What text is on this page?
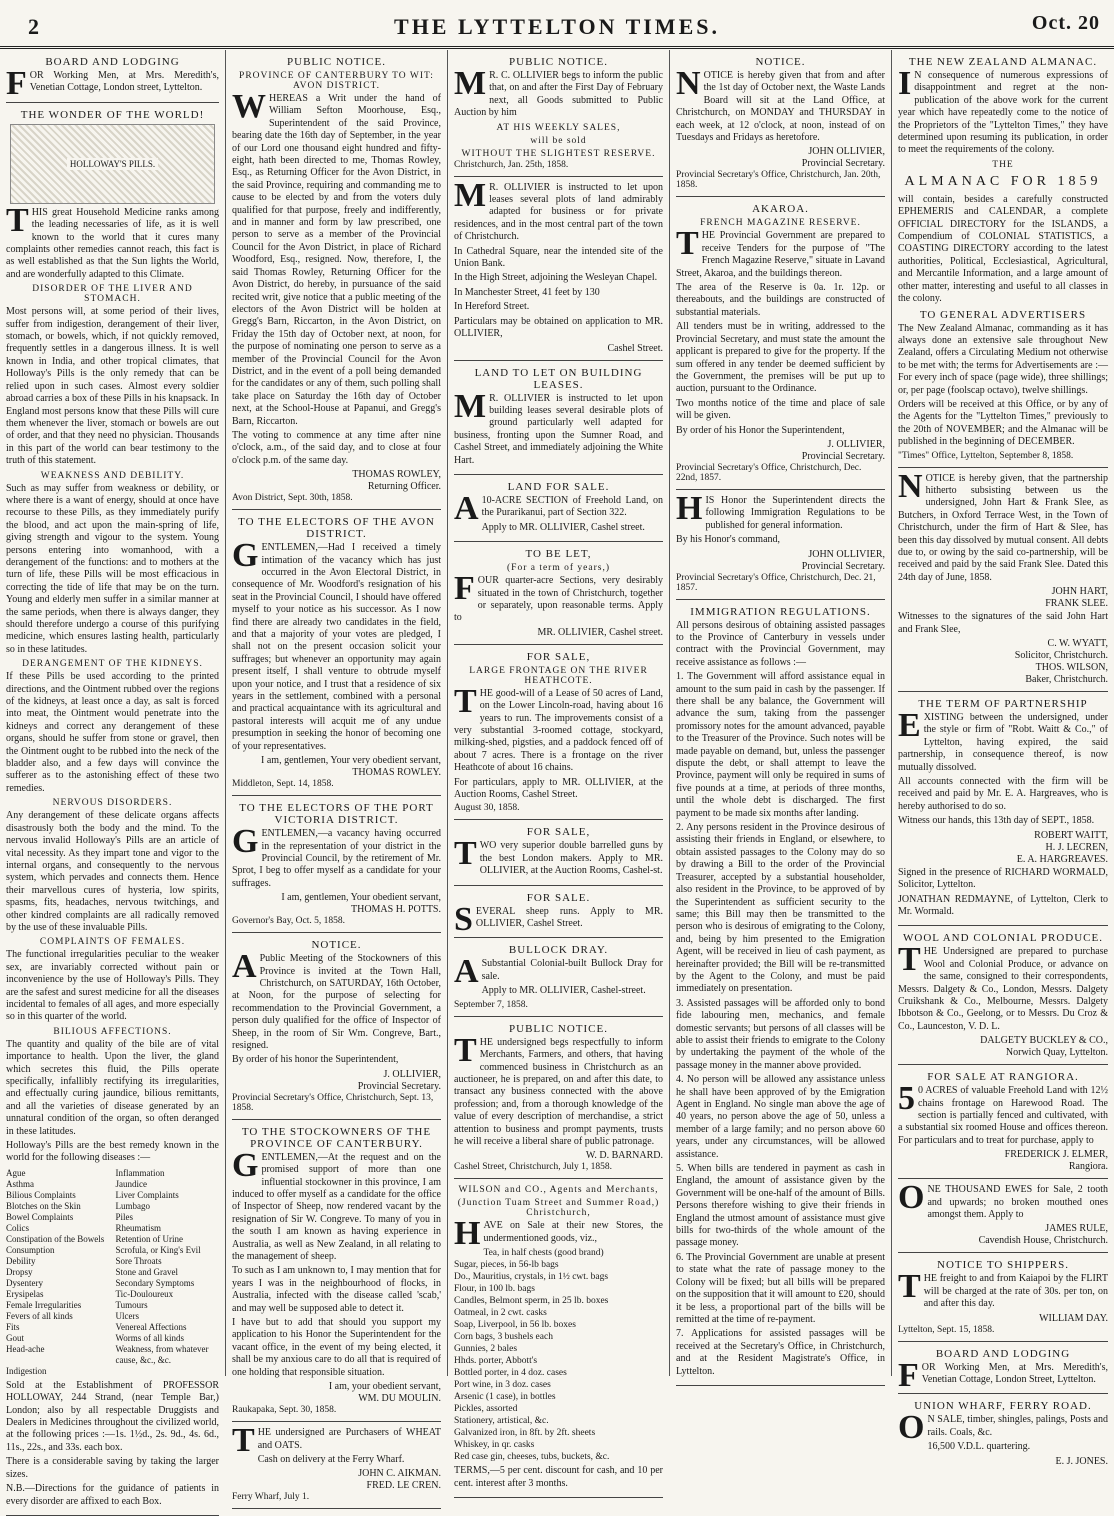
2	THE LYTTELTON TIMES.	Oct. 20
BOARD AND LODGING

FOR Working Men, at Mrs. Meredith's, Venetian Cottage, London street, Lyttelton.

THE WONDER OF THE WORLD!
HOLLOWAY'S PILLS.

THIS great Household Medicine ranks among the leading necessaries of life, as it is well known to the world that it cures many complaints other remedies cannot reach, this fact is as well established as that the Sun lights the World, and are wonderfully adapted to this Climate.

DISORDER OF THE LIVER AND STOMACH.

Most persons will, at some period of their lives, suffer from indigestion, derangement of their liver, stomach, or bowels, which, if not quickly removed, frequently settles in a dangerous illness. It is well known in India, and other tropical climates, that Holloway's Pills is the only remedy that can be relied upon in such cases. Almost every soldier abroad carries a box of these Pills in his knapsack. In England most persons know that these Pills will cure them whenever the liver, stomach or bowels are out of order, and that they need no physician. Thousands in this part of the world can bear testimony to the truth of this statement.

WEAKNESS AND DEBILITY.

Such as may suffer from weakness or debility, or where there is a want of energy, should at once have recourse to these Pills, as they immediately purify the blood, and act upon the main-spring of life, giving strength and vigour to the system. Young persons entering into womanhood, with a derangement of the functions: and to mothers at the turn of life, these Pills will be most efficacious in correcting the tide of life that may be on the turn. Young and elderly men suffer in a similar manner at the same periods, when there is always danger, they should therefore undergo a course of this purifying medicine, which ensures lasting health, particularly so in these latitudes.

DERANGEMENT OF THE KIDNEYS.

If these Pills be used according to the printed directions, and the Ointment rubbed over the regions of the kidneys, at least once a day, as salt is forced into meat, the Ointment would penetrate into the kidneys and correct any derangement of these organs, should he suffer from stone or gravel, then the Ointment ought to be rubbed into the neck of the bladder also, and a few days will convince the sufferer as to the astonishing effect of these two remedies.

NERVOUS DISORDERS.

Any derangement of these delicate organs affects disastrously both the body and the mind. To the nervous invalid Holloway's Pills are an article of vital necessity. As they impart tone and vigor to the internal organs, and consequently to the nervous system, which pervades and connects them. Hence their marvellous cures of hysteria, low spirits, spasms, fits, headaches, nervous twitchings, and other kindred complaints are all radically removed by the use of these invaluable Pills.

COMPLAINTS OF FEMALES.

The functional irregularities peculiar to the weaker sex, are invariably corrected without pain or inconvenience by the use of Holloway's Pills. They are the safest and surest medicine for all the diseases incidental to females of all ages, and more especially so in this quarter of the world.

BILIOUS AFFECTIONS.

The quantity and quality of the bile are of vital importance to health. Upon the liver, the gland which secretes this fluid, the Pills operate specifically, infallibly rectifying its irregularities, and effectually curing jaundice, bilious remittants, and all the varieties of disease generated by an unnatural condition of the organ, so often deranged in these latitudes.

Holloway's Pills are the best remedy known in the world for the following diseases :—

Ague	Inflammation
Asthma	Jaundice
Bilious Complaints	Liver Complaints
Blotches on the Skin	Lumbago
Bowel Complaints	Piles
Colics	Rheumatism
Constipation of the Bowels	Retention of Urine
Consumption	Scrofula, or King's Evil
Debility	Sore Throats
Dropsy	Stone and Gravel
Dysentery	Secondary Symptoms
Erysipelas	Tic-Douloureux
Female Irregularities	Tumours
Fevers of all kinds	Ulcers
Fits	Venereal Affections
Gout	Worms of all kinds
Head-ache	Weakness, from whatever cause, &c., &c.
Indigestion

Sold at the Establishment of PROFESSOR HOLLOWAY, 244 Strand, (near Temple Bar,) London; also by all respectable Druggists and Dealers in Medicines throughout the civilized world, at the following prices :—1s. 1½d., 2s. 9d., 4s. 6d., 11s., 22s., and 33s. each box.

There is a considerable saving by taking the larger sizes.

N.B.—Directions for the guidance of patients in every disorder are affixed to each Box.

PUBLIC NOTICE.
PROVINCE OF CANTERBURY TO WIT: AVON DISTRICT.

WHEREAS a Writ under the hand of William Sefton Moorhouse, Esq., Superintendent of the said Province, bearing date the 16th day of September, in the year of our Lord one thousand eight hundred and fifty-eight, hath been directed to me, Thomas Rowley, Esq., as Returning Officer for the Avon District, in the said Province, requiring and commanding me to cause to be elected by and from the voters duly qualified for that purpose, freely and indifferently, and in manner and form by law prescribed, one person to serve as a member of the Provincial Council for the Avon District, in place of Richard Woodford, Esq., resigned. Now, therefore, I, the said Thomas Rowley, Returning Officer for the Avon District, do hereby, in pursuance of the said recited writ, give notice that a public meeting of the electors of the Avon District will be holden at Gregg's Barn, Riccarton, in the Avon District, on Friday the 15th day of October next, at noon, for the purpose of nominating one person to serve as a member of the Provincial Council for the Avon District, and in the event of a poll being demanded for the candidates or any of them, such polling shall take place on Saturday the 16th day of October next, at the School-House at Papanui, and Gregg's Barn, Riccarton.

The voting to commence at any time after nine o'clock, a.m., of the said day, and to close at four o'clock p.m. of the same day.

THOMAS ROWLEY,
Returning Officer.
Avon District, Sept. 30th, 1858.
TO THE ELECTORS OF THE AVON DISTRICT.

GENTLEMEN,—Had I received a timely intimation of the vacancy which has just occurred in the Avon Electoral District, in consequence of Mr. Woodford's resignation of his seat in the Provincial Council, I should have offered myself to your notice as his successor. As I now find there are already two candidates in the field, and that a majority of your votes are pledged, I shall not on the present occasion solicit your suffrages; but whenever an opportunity may again present itself, I shall venture to obtrude myself upon your notice, and I trust that a residence of six years in the settlement, combined with a personal and practical acquaintance with its agricultural and pastoral interests will acquit me of any undue presumption in seeking the honor of becoming one of your representatives.

I am, gentlemen, Your very obedient servant,
THOMAS ROWLEY.
Middleton, Sept. 14, 1858.
TO THE ELECTORS OF THE PORT VICTORIA DISTRICT.

GENTLEMEN,—a vacancy having occurred in the representation of your district in the Provincial Council, by the retirement of Mr. Sprot, I beg to offer myself as a candidate for your suffrages.

I am, gentlemen, Your obedient servant,
THOMAS H. POTTS.
Governor's Bay, Oct. 5, 1858.
NOTICE.

APublic Meeting of the Stockowners of this Province is invited at the Town Hall, Christchurch, on SATURDAY, 16th October, at Noon, for the purpose of selecting for recommendation to the Provincial Government, a person duly qualified for the office of Inspector of Sheep, in the room of Sir Wm. Congreve, Bart., resigned.

By order of his honor the Superintendent,

J. OLLIVIER,
Provincial Secretary.
Provincial Secretary's Office, Christchurch, Sept. 13, 1858.
TO THE STOCKOWNERS OF THE PROVINCE OF CANTERBURY.

GENTLEMEN,—At the request and on the promised support of more than one influential stockowner in this province, I am induced to offer myself as a candidate for the office of Inspector of Sheep, now rendered vacant by the resignation of Sir W. Congreve. To many of you in the south I am known as having experience in Australia, as well as New Zealand, in all relating to the management of sheep.

To such as I am unknown to, I may mention that for years I was in the neighbourhood of flocks, in Australia, infected with the disease called 'scab,' and may well be supposed able to detect it.

I have but to add that should you support my application to his Honor the Superintendent for the vacant office, in the event of my being elected, it shall be my anxious care to do all that is required of one holding that responsible situation.

I am, your obedient servant,
WM. DU MOULIN.
Raukapaka, Sept. 30, 1858.

THE undersigned are Purchasers of WHEAT and OATS.

Cash on delivery at the Ferry Wharf.

JOHN C. AIKMAN.
FRED. LE CREN.
Ferry Wharf, July 1.
PUBLIC NOTICE.

MR. C. OLLIVIER begs to inform the public that, on and after the First Day of February next, all Goods submitted to Public Auction by him

AT HIS WEEKLY SALES,
will be sold
WITHOUT THE SLIGHTEST RESERVE.
Christchurch, Jan. 25th, 1858.

MR. OLLIVIER is instructed to let upon leases several plots of land admirably adapted for business or for private residences, and in the most central part of the town of Christchurch.

In Cathedral Square, near the intended site of the Union Bank.

In the High Street, adjoining the Wesleyan Chapel.

In Manchester Street, 41 feet by 130

In Hereford Street.

Particulars may be obtained on application to MR. OLLIVIER,

Cashel Street.
LAND TO LET ON BUILDING LEASES.

MR. OLLIVIER is instructed to let upon building leases several desirable plots of ground particularly well adapted for business, fronting upon the Sumner Road, and Cashel Street, and immediately adjoining the White Hart.

LAND FOR SALE.

A10-ACRE SECTION of Freehold Land, on the Purarikanui, part of Section 322.

Apply to MR. OLLIVIER, Cashel street.

TO BE LET,
(For a term of years,)

FOUR quarter-acre Sections, very desirably situated in the town of Christchurch, together or separately, upon reasonable terms. Apply to

MR. OLLIVIER, Cashel street.
FOR SALE,
LARGE FRONTAGE ON THE RIVER HEATHCOTE.

THE good-will of a Lease of 50 acres of Land, on the Lower Lincoln-road, having about 16 years to run. The improvements consist of a very substantial 3-roomed cottage, stockyard, milking-shed, pigsties, and a paddock fenced off of about 7 acres. There is a frontage on the river Heathcote of about 16 chains.

For particulars, apply to MR. OLLIVIER, at the Auction Rooms, Cashel Street.

August 30, 1858.
FOR SALE,

TWO very superior double barrelled guns by the best London makers. Apply to MR. OLLIVIER, at the Auction Rooms, Cashel-st.

FOR SALE.

SEVERAL sheep runs. Apply to MR. OLLIVIER, Cashel Street.

BULLOCK DRAY.

ASubstantial Colonial-built Bullock Dray for sale.

Apply to MR. OLLIVIER, Cashel-street.

September 7, 1858.
PUBLIC NOTICE.

THE undersigned begs respectfully to inform Merchants, Farmers, and others, that having commenced business in Christchurch as an auctioneer, he is prepared, on and after this date, to transact any business connected with the above profession; and, from a thorough knowledge of the value of every description of merchandise, a strict attention to business and prompt payments, trusts he will receive a liberal share of public patronage.

W. D. BARNARD.
Cashel Street, Christchurch, July 1, 1858.
WILSON and CO., Agents and Merchants,
(Junction Tuam Street and Summer Road,) Christchurch,

HAVE on Sale at their new Stores, the undermentioned goods, viz.,

Tea, in half chests (good brand)

Sugar, pieces, in 56-lb bags

Do., Mauritius, crystals, in 1½ cwt. bags

Flour, in 100 lb. bags

Candles, Belmont sperm, in 25 lb. boxes

Oatmeal, in 2 cwt. casks

Soap, Liverpool, in 56 lb. boxes

Corn bags, 3 bushels each

Gunnies, 2 bales

Hhds. porter, Abbott's

Bottled porter, in 4 doz. cases

Port wine, in 3 doz. cases

Arsenic (1 case), in bottles

Pickles, assorted

Stationery, artistical, &c.

Galvanized iron, in 8ft. by 2ft. sheets

Whiskey, in qr. casks

Red case gin, cheeses, tubs, buckets, &c.

TERMS,—5 per cent. discount for cash, and 10 per cent. interest after 3 months.

NOTICE.

NOTICE is hereby given that from and after the 1st day of October next, the Waste Lands Board will sit at the Land Office, at Christchurch, on MONDAY and THURSDAY in each week, at 12 o'clock, at noon, instead of on Tuesdays and Fridays as heretofore.

JOHN OLLIVIER,
Provincial Secretary.
Provincial Secretary's Office, Christchurch, Jan. 20th, 1858.
AKAROA.
FRENCH MAGAZINE RESERVE.

THE Provincial Government are prepared to receive Tenders for the purpose of "The French Magazine Reserve," situate in Lavand Street, Akaroa, and the buildings thereon.

The area of the Reserve is 0a. 1r. 12p. or thereabouts, and the buildings are constructed of substantial materials.

All tenders must be in writing, addressed to the Provincial Secretary, and must state the amount the applicant is prepared to give for the property. If the sum offered in any tender be deemed sufficient by the Government, the premises will be put up to auction, pursuant to the Ordinance.

Two months notice of the time and place of sale will be given.

By order of his Honor the Superintendent,

J. OLLIVIER,
Provincial Secretary.
Provincial Secretary's Office, Christchurch, Dec. 22nd, 1857.

HIS Honor the Superintendent directs the following Immigration Regulations to be published for general information.

By his Honor's command,

JOHN OLLIVIER,
Provincial Secretary.
Provincial Secretary's Office, Christchurch, Dec. 21, 1857.
IMMIGRATION REGULATIONS.

All persons desirous of obtaining assisted passages to the Province of Canterbury in vessels under contract with the Provincial Government, may receive assistance as follows :—

1. The Government will afford assistance equal in amount to the sum paid in cash by the passenger. If there shall be any balance, the Government will advance the sum, taking from the passenger promissory notes for the amount advanced, payable to the Treasurer of the Province. Such notes will be made payable on demand, but, unless the passenger dispute the debt, or shall attempt to leave the Province, payment will only be required in sums of five pounds at a time, at periods of three months, until the whole debt is discharged. The first payment to be made six months after landing.

2. Any persons resident in the Province desirous of assisting their friends in England, or elsewhere, to obtain assisted passages to the Colony may do so by drawing a Bill to the order of the Provincial Treasurer, accepted by a substantial householder, also resident in the Province, to be approved of by the Superintendent as sufficient security to the same; this Bill may then be transmitted to the person who is desirous of emigrating to the Colony, and, being by him presented to the Emigration Agent, will be received in lieu of cash payment, as hereinafter provided; the Bill will be re-transmitted by the Agent to the Colony, and must be paid immediately on presentation.

3. Assisted passages will be afforded only to bond fide labouring men, mechanics, and female domestic servants; but persons of all classes will be able to assist their friends to emigrate to the Colony by undertaking the payment of the whole of the passage money in the manner above provided.

4. No person will be allowed any assistance unless he shall have been approved of by the Emigration Agent in England. No single man above the age of 40 years, no person above the age of 50, unless a member of a large family; and no person above 60 years, under any circumstances, will be allowed assistance.

5. When bills are tendered in payment as cash in England, the amount of assistance given by the Government will be one-half of the amount of Bills. Persons therefore wishing to give their friends in England the utmost amount of assistance must give bills for two-thirds of the whole amount of the passage money.

6. The Provincial Government are unable at present to state what the rate of passage money to the Colony will be fixed; but all bills will be prepared on the supposition that it will amount to £20, should it be less, a proportional part of the bills will be remitted at the time of re-payment.

7. Applications for assisted passages will be received at the Secretary's Office, in Christchurch, and at the Resident Magistrate's Office, in Lyttelton.

THE NEW ZEALAND ALMANAC.

IN consequence of numerous expressions of disappointment and regret at the non-publication of the above work for the current year which have repeatedly come to the notice of the Proprietors of the "Lyttelton Times," they have determined upon resuming its publication, in order to meet the requirements of the colony.

THE
ALMANAC FOR 1859

will contain, besides a carefully constructed EPHEMERIS and CALENDAR, a complete OFFICIAL DIRECTORY for the ISLANDS, a Compendium of COLONIAL STATISTICS, a COASTING DIRECTORY according to the latest authorities, Political, Ecclesiastical, Agricultural, and Mercantile Information, and a large amount of other matter, interesting and useful to all classes in the colony.

TO GENERAL ADVERTISERS

The New Zealand Almanac, commanding as it has always done an extensive sale throughout New Zealand, offers a Circulating Medium not otherwise to be met with; the terms for Advertisements are :—For every inch of space (page wide), three shillings; or, per page (foolscap octavo), twelve shillings.

Orders will be received at this Office, or by any of the Agents for the "Lyttelton Times," previously to the 20th of NOVEMBER; and the Almanac will be published in the beginning of DECEMBER.

"Times" Office, Lyttelton, September 8, 1858.

NOTICE is hereby given, that the partnership hitherto subsisting between us the undersigned, John Hart & Frank Slee, as Butchers, in Oxford Terrace West, in the Town of Christchurch, under the firm of Hart & Slee, has been this day dissolved by mutual consent. All debts due to, or owing by the said co-partnership, will be received and paid by the said Frank Slee. Dated this 24th day of June, 1858.

JOHN HART,
FRANK SLEE.

Witnesses to the signatures of the said John Hart and Frank Slee,

C. W. WYATT,
Solicitor, Christchurch.
THOS. WILSON,
Baker, Christchurch.
THE TERM OF PARTNERSHIP

EXISTING between the undersigned, under the style or firm of "Robt. Waitt & Co.," of Lyttelton, having expired, the said partnership, in consequence thereof, is now mutually dissolved.

All accounts connected with the firm will be received and paid by Mr. E. A. Hargreaves, who is hereby authorised to do so.

Witness our hands, this 13th day of SEPT., 1858.

ROBERT WAITT,
H. J. LECREN,
E. A. HARGREAVES.

Signed in the presence of RICHARD WORMALD, Solicitor, Lyttelton.

JONATHAN REDMAYNE, of Lyttelton, Clerk to Mr. Wormald.

WOOL AND COLONIAL PRODUCE.

THE Undersigned are prepared to purchase Wool and Colonial Produce, or advance on the same, consigned to their correspondents, Messrs. Dalgety & Co., London, Messrs. Dalgety Cruikshank & Co., Melbourne, Messrs. Dalgety Ibbotson & Co., Geelong, or to Messrs. Du Croz & Co., Launceston, V. D. L.

DALGETY BUCKLEY & CO.,
Norwich Quay, Lyttelton.
FOR SALE AT RANGIORA.

50 ACRES of valuable Freehold Land with 12½ chains frontage on Harewood Road. The section is partially fenced and cultivated, with a substantial six roomed House and offices thereon. For particulars and to treat for purchase, apply to

FREDERICK J. ELMER,
Rangiora.

ONE THOUSAND EWES for Sale, 2 tooth and upwards; no broken mouthed ones amongst them. Apply to

JAMES RULE,
Cavendish House, Christchurch.
NOTICE TO SHIPPERS.

THE freight to and from Kaiapoi by the FLIRT will be charged at the rate of 30s. per ton, on and after this day.

WILLIAM DAY.
Lyttelton, Sept. 15, 1858.
BOARD AND LODGING

FOR Working Men, at Mrs. Meredith's, Venetian Cottage, London Street, Lyttelton.

UNION WHARF, FERRY ROAD.

ON SALE, timber, shingles, palings, Posts and rails. Coals, &c.

16,500 V.D.L. quartering.

E. J. JONES.
